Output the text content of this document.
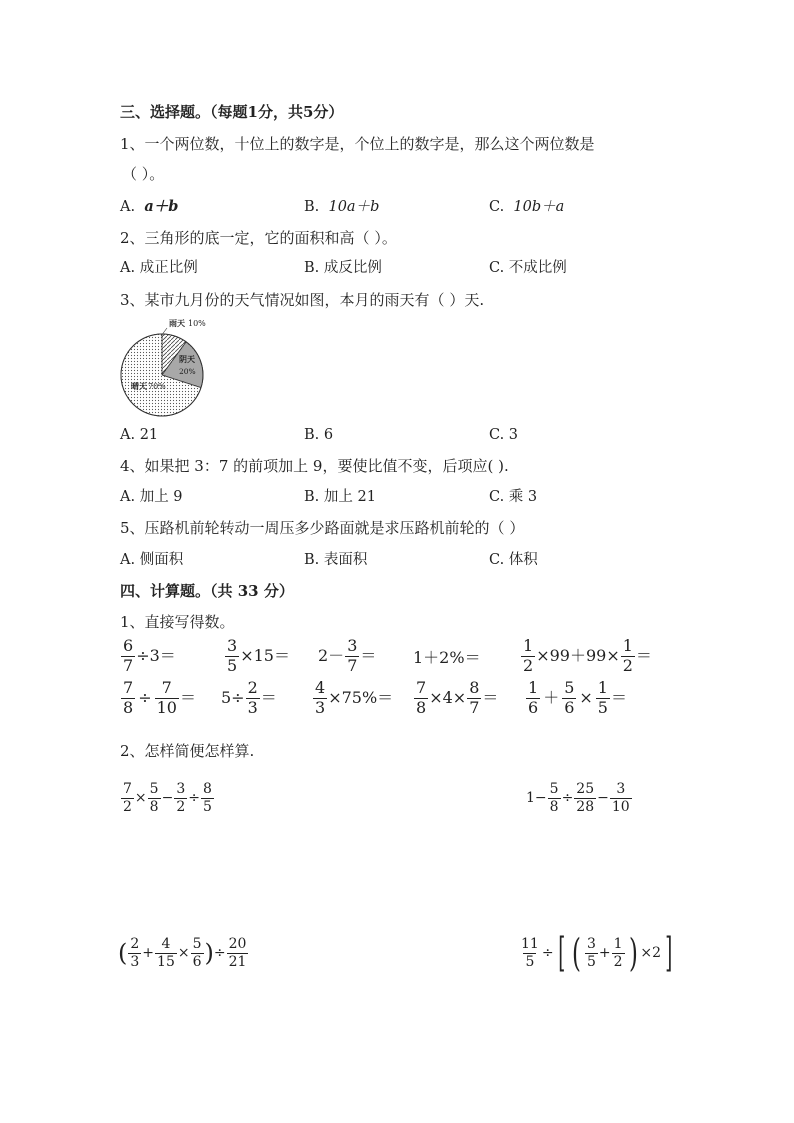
三、选择题。（每题1分，共5分）
1、一个两位数，十位上的数字是，个位上的数字是，那么这个两位数是
（ ）。
A. a＋b	B. 10a＋b	C. 10b＋a
2、三角形的底一定，它的面积和高（ ）。
A. 成正比例	B. 成反比例	C. 不成比例
3、某市九月份的天气情况如图，本月的雨天有（ ）天.
雨天 10%
阴天
20%
晴天70%
A. 21	B. 6	C. 3
4、如果把 3：7 的前项加上 9，要使比值不变，后项应( ).
A. 加上 9	B. 加上 21	C. 乘 3
5、压路机前轮转动一周压多少路面就是求压路机前轮的（ ）
A. 侧面积	B. 表面积	C. 体积
四、计算题。（共 33 分）
1、直接写得数。
$\frac{6}{7} \div 3=$	$\frac{3}{5} \times 15= 2- \frac{3}{7} = 1+2\%=$	$\frac{1}{2} \times 99+99\times \frac{1}{2}$ ＝
$\frac{7}{8} \div \frac{7}{10} = 5\div \frac{2}{3} = \frac{4}{3} \times 75\%= \frac{7}{8} \times 4\times \frac{8}{7} = \frac{1}{6} + \frac{5}{6} \times \frac{1}{5}$ ＝
2、怎样简便怎样算.
$\frac{7}{2} \times \frac{5}{8} - \frac{3}{2} \div \frac{8}{5}$	$1- \frac{5}{8} \div \frac{25}{28} - \frac{3}{10}$
( $\frac{2}{3} + \frac{4}{15} \times \frac{5}{6}$ ) ÷ $\frac{20}{21}$	$\frac{11}{5}$ ÷ [ ( $\frac{3}{5} + \frac{1}{2}$ ) ×2 ]
